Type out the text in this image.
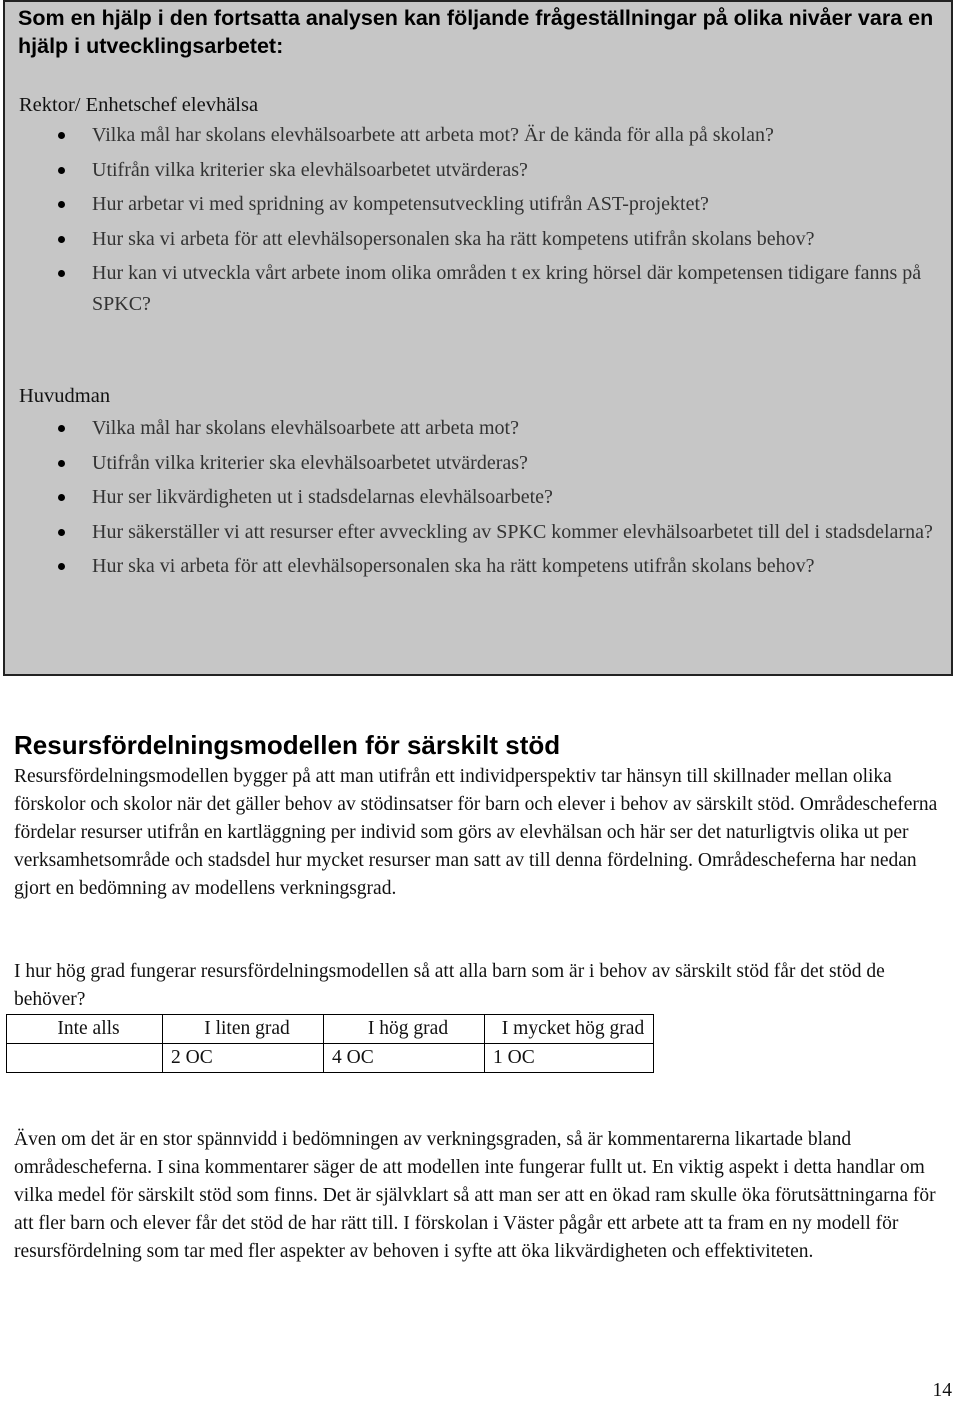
Som en hjälp i den fortsatta analysen kan följande frågeställningar på olika nivåer vara en hjälp i utvecklingsarbetet:
Rektor/ Enhetschef elevhälsa
Vilka mål har skolans elevhälsoarbete att arbeta mot? Är de kända för alla på skolan?
Utifrån vilka kriterier ska elevhälsoarbetet utvärderas?
Hur arbetar vi med spridning av kompetensutveckling utifrån AST-projektet?
Hur ska vi arbeta för att elevhälsopersonalen ska ha rätt kompetens utifrån skolans behov?
Hur kan vi utveckla vårt arbete inom olika områden t ex kring hörsel där kompetensen tidigare fanns på SPKC?
Huvudman
Vilka mål har skolans elevhälsoarbete att arbeta mot?
Utifrån vilka kriterier ska elevhälsoarbetet utvärderas?
Hur ser likvärdigheten ut i stadsdelarnas elevhälsoarbete?
Hur säkerställer vi att resurser efter avveckling av SPKC kommer elevhälsoarbetet till del i stadsdelarna?
Hur ska vi arbeta för att elevhälsopersonalen ska ha rätt kompetens utifrån skolans behov?
Resursfördelningsmodellen för särskilt stöd
Resursfördelningsmodellen bygger på att man utifrån ett individperspektiv tar hänsyn till skillnader mellan olika förskolor och skolor när det gäller behov av stödinsatser för barn och elever i behov av särskilt stöd. Områdescheferna fördelar resurser utifrån en kartläggning per individ som görs av elevhälsan och här ser det naturligtvis olika ut per verksamhetsområde och stadsdel hur mycket resurser man satt av till denna fördelning. Områdescheferna har nedan gjort en bedömning av modellens verkningsgrad.
I hur hög grad fungerar resursfördelningsmodellen så att alla barn som är i behov av särskilt stöd får det stöd de behöver?
Inte alls	I liten grad	I hög grad	I mycket hög grad
	2 OC	4 OC	1 OC
Även om det är en stor spännvidd i bedömningen av verkningsgraden, så är kommentarerna likartade bland områdescheferna. I sina kommentarer säger de att modellen inte fungerar fullt ut. En viktig aspekt i detta handlar om vilka medel för särskilt stöd som finns. Det är självklart så att man ser att en ökad ram skulle öka förutsättningarna för att fler barn och elever får det stöd de har rätt till. I förskolan i Väster pågår ett arbete att ta fram en ny modell för resursfördelning som tar med fler aspekter av behoven i syfte att öka likvärdigheten och effektiviteten.
14
